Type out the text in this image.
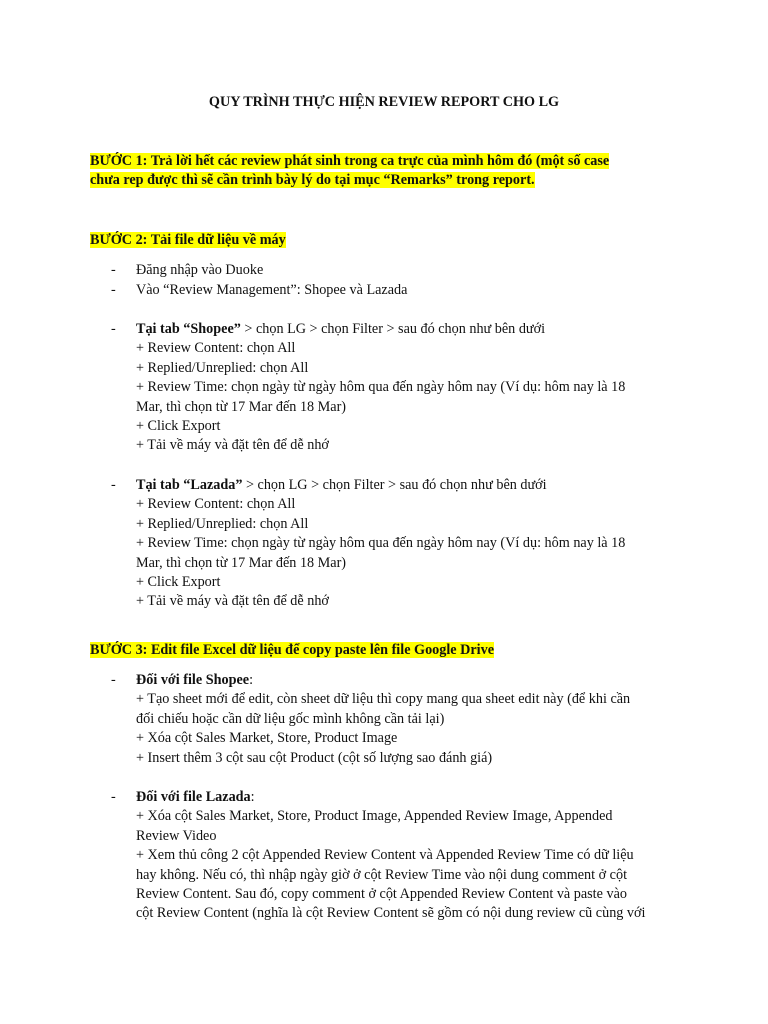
QUY TRÌNH THỰC HIỆN REVIEW REPORT CHO LG
BƯỚC 1: Trả lời hết các review phát sinh trong ca trực của mình hôm đó (một số case
chưa rep được thì sẽ cần trình bày lý do tại mục “Remarks” trong report.
BƯỚC 2: Tải file dữ liệu về máy
- Đăng nhập vào Duoke
- Vào “Review Management”: Shopee và Lazada
- Tại tab “Shopee” > chọn LG > chọn Filter > sau đó chọn như bên dưới
+ Review Content: chọn All
+ Replied/Unreplied: chọn All
+ Review Time: chọn ngày từ ngày hôm qua đến ngày hôm nay (Ví dụ: hôm nay là 18
Mar, thì chọn từ 17 Mar đến 18 Mar)
+ Click Export
+ Tải về máy và đặt tên để dễ nhớ
- Tại tab “Lazada” > chọn LG > chọn Filter > sau đó chọn như bên dưới
+ Review Content: chọn All
+ Replied/Unreplied: chọn All
+ Review Time: chọn ngày từ ngày hôm qua đến ngày hôm nay (Ví dụ: hôm nay là 18
Mar, thì chọn từ 17 Mar đến 18 Mar)
+ Click Export
+ Tải về máy và đặt tên để dễ nhớ
BƯỚC 3: Edit file Excel dữ liệu để copy paste lên file Google Drive
- Đối với file Shopee:
+ Tạo sheet mới để edit, còn sheet dữ liệu thì copy mang qua sheet edit này (để khi cần
đối chiếu hoặc cần dữ liệu gốc mình không cần tải lại)
+ Xóa cột Sales Market, Store, Product Image
+ Insert thêm 3 cột sau cột Product (cột số lượng sao đánh giá)
- Đối với file Lazada:
+ Xóa cột Sales Market, Store, Product Image, Appended Review Image, Appended
Review Video
+ Xem thủ công 2 cột Appended Review Content và Appended Review Time có dữ liệu
hay không. Nếu có, thì nhập ngày giờ ở cột Review Time vào nội dung comment ở cột
Review Content. Sau đó, copy comment ở cột Appended Review Content và paste vào
cột Review Content (nghĩa là cột Review Content sẽ gồm có nội dung review cũ cùng với
